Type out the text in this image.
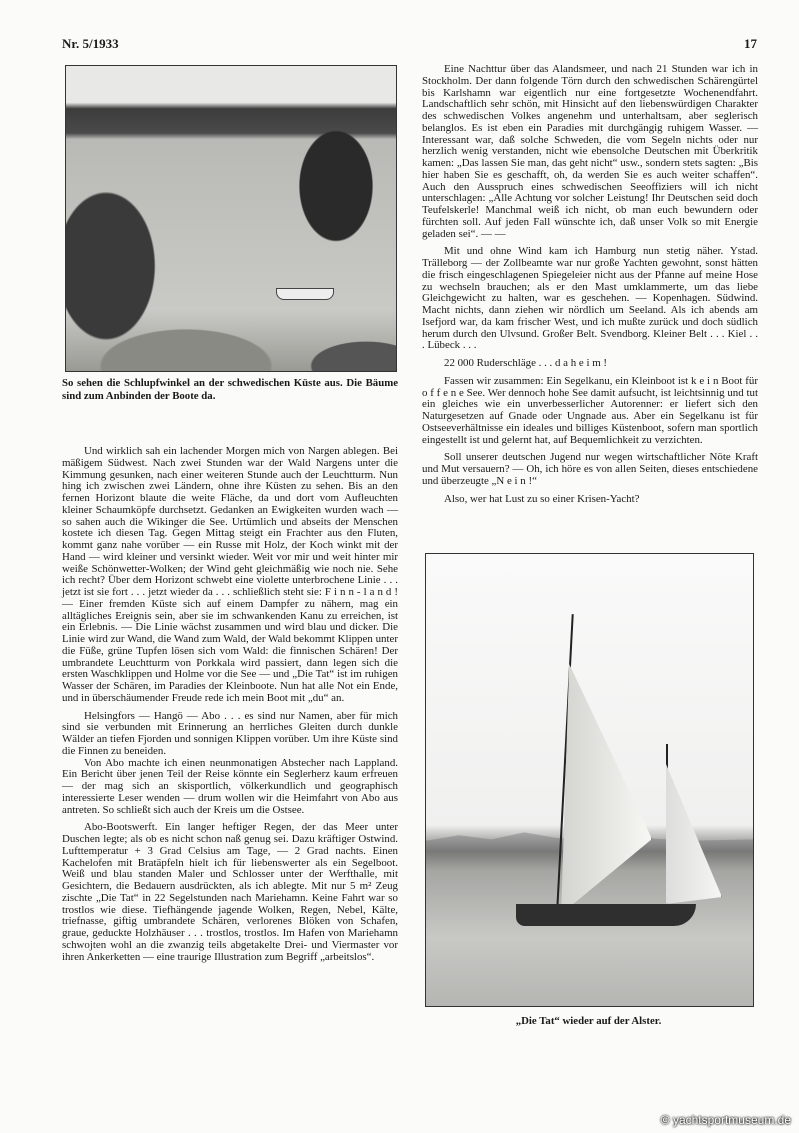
Nr. 5/1933	17
So sehen die Schlupfwinkel an der schwedischen Küste aus. Die Bäume sind zum Anbinden der Boote da.

Und wirklich sah ein lachender Morgen mich von Nargen ablegen. Bei mäßigem Südwest. Nach zwei Stunden war der Wald Nargens unter die Kimmung gesunken, nach einer weiteren Stunde auch der Leuchtturm. Nun hing ich zwischen zwei Ländern, ohne ihre Küsten zu sehen. Bis an den fernen Horizont blaute die weite Fläche, da und dort vom Aufleuchten kleiner Schaumköpfe durchsetzt. Gedanken an Ewigkeiten wurden wach — so sahen auch die Wikinger die See. Urtümlich und abseits der Menschen kostete ich diesen Tag. Gegen Mittag steigt ein Frachter aus den Fluten, kommt ganz nahe vorüber — ein Russe mit Holz, der Koch winkt mit der Hand — wird kleiner und versinkt wieder. Weit vor mir und weit hinter mir weiße Schönwetter-Wolken; der Wind geht gleichmäßig wie noch nie. Sehe ich recht? Über dem Horizont schwebt eine violette unterbrochene Linie . . . jetzt ist sie fort . . . jetzt wieder da . . . schließlich steht sie: F i n n - l a n d ! — Einer fremden Küste sich auf einem Dampfer zu nähern, mag ein alltägliches Ereignis sein, aber sie im schwankenden Kanu zu erreichen, ist ein Erlebnis. — Die Linie wächst zusammen und wird blau und dicker. Die Linie wird zur Wand, die Wand zum Wald, der Wald bekommt Klippen unter die Füße, grüne Tupfen lösen sich vom Wald: die finnischen Schären! Der umbrandete Leuchtturm von Porkkala wird passiert, dann legen sich die ersten Waschklippen und Holme vor die See — und „Die Tat“ ist im ruhigen Wasser der Schären, im Paradies der Kleinboote. Nun hat alle Not ein Ende, und in überschäumender Freude rede ich mein Boot mit „du“ an.

Helsingfors — Hangö — Abo . . . es sind nur Namen, aber für mich sind sie verbunden mit Erinnerung an herrliches Gleiten durch dunkle Wälder an tiefen Fjorden und sonnigen Klippen vorüber. Um ihre Küste sind die Finnen zu beneiden.

Von Abo machte ich einen neunmonatigen Abstecher nach Lappland. Ein Bericht über jenen Teil der Reise könnte ein Seglerherz kaum erfreuen — der mag sich an skisportlich, völkerkundlich und geographisch interessierte Leser wenden — drum wollen wir die Heimfahrt von Abo aus antreten. So schließt sich auch der Kreis um die Ostsee.

Abo-Bootswerft. Ein langer heftiger Regen, der das Meer unter Duschen legte; als ob es nicht schon naß genug sei. Dazu kräftiger Ostwind. Lufttemperatur + 3 Grad Celsius am Tage, — 2 Grad nachts. Einen Kachelofen mit Bratäpfeln hielt ich für liebenswerter als ein Segelboot. Weiß und blau standen Maler und Schlosser unter der Werfthalle, mit Gesichtern, die Bedauern ausdrückten, als ich ablegte. Mit nur 5 m² Zeug zischte „Die Tat“ in 22 Segelstunden nach Mariehamn. Keine Fahrt war so trostlos wie diese. Tiefhängende jagende Wolken, Regen, Nebel, Kälte, triefnasse, giftig umbrandete Schären, verlorenes Blöken von Schafen, graue, geduckte Holzhäuser . . . trostlos, trostlos. Im Hafen von Mariehamn schwojten wohl an die zwanzig teils abgetakelte Drei- und Viermaster vor ihren Ankerketten — eine traurige Illustration zum Begriff „arbeitslos“.

Eine Nachttur über das Alandsmeer, und nach 21 Stunden war ich in Stockholm. Der dann folgende Törn durch den schwedischen Schärengürtel bis Karlshamn war eigentlich nur eine fortgesetzte Wochenendfahrt. Landschaftlich sehr schön, mit Hinsicht auf den liebenswürdigen Charakter des schwedischen Volkes angenehm und unterhaltsam, aber seglerisch belanglos. Es ist eben ein Paradies mit durchgängig ruhigem Wasser. — Interessant war, daß solche Schweden, die vom Segeln nichts oder nur herzlich wenig verstanden, nicht wie ebensolche Deutschen mit Überkritik kamen: „Das lassen Sie man, das geht nicht“ usw., sondern stets sagten: „Bis hier haben Sie es geschafft, oh, da werden Sie es auch weiter schaffen“. Auch den Ausspruch eines schwedischen Seeoffiziers will ich nicht unterschlagen: „Alle Achtung vor solcher Leistung! Ihr Deutschen seid doch Teufelskerle! Manchmal weiß ich nicht, ob man euch bewundern oder fürchten soll. Auf jeden Fall wünschte ich, daß unser Volk so mit Energie geladen sei“. — —

Mit und ohne Wind kam ich Hamburg nun stetig näher. Ystad. Trälleborg — der Zollbeamte war nur große Yachten gewohnt, sonst hätten die frisch eingeschlagenen Spiegeleier nicht aus der Pfanne auf meine Hose zu wechseln brauchen; als er den Mast umklammerte, um das liebe Gleichgewicht zu halten, war es geschehen. — Kopenhagen. Südwind. Macht nichts, dann ziehen wir nördlich um Seeland. Als ich abends am Isefjord war, da kam frischer West, und ich mußte zurück und doch südlich herum durch den Ulvsund. Großer Belt. Svendborg. Kleiner Belt . . . Kiel . . . Lübeck . . .

22 000 Ruderschläge . . . d a h e i m !

Fassen wir zusammen: Ein Segelkanu, ein Kleinboot ist k e i n Boot für o f f e n e See. Wer dennoch hohe See damit aufsucht, ist leichtsinnig und tut ein gleiches wie ein unverbesserlicher Autorenner: er liefert sich den Naturgesetzen auf Gnade oder Ungnade aus. Aber ein Segelkanu ist für Ostseeverhältnisse ein ideales und billiges Küstenboot, sofern man sportlich eingestellt ist und gelernt hat, auf Bequemlichkeit zu verzichten.

Soll unserer deutschen Jugend nur wegen wirtschaftlicher Nöte Kraft und Mut versauern? — Oh, ich höre es von allen Seiten, dieses entschiedene und überzeugte „N e i n !“

Also, wer hat Lust zu so einer Krisen-Yacht?

„Die Tat“ wieder auf der Alster.
© yachtsportmuseum.de
